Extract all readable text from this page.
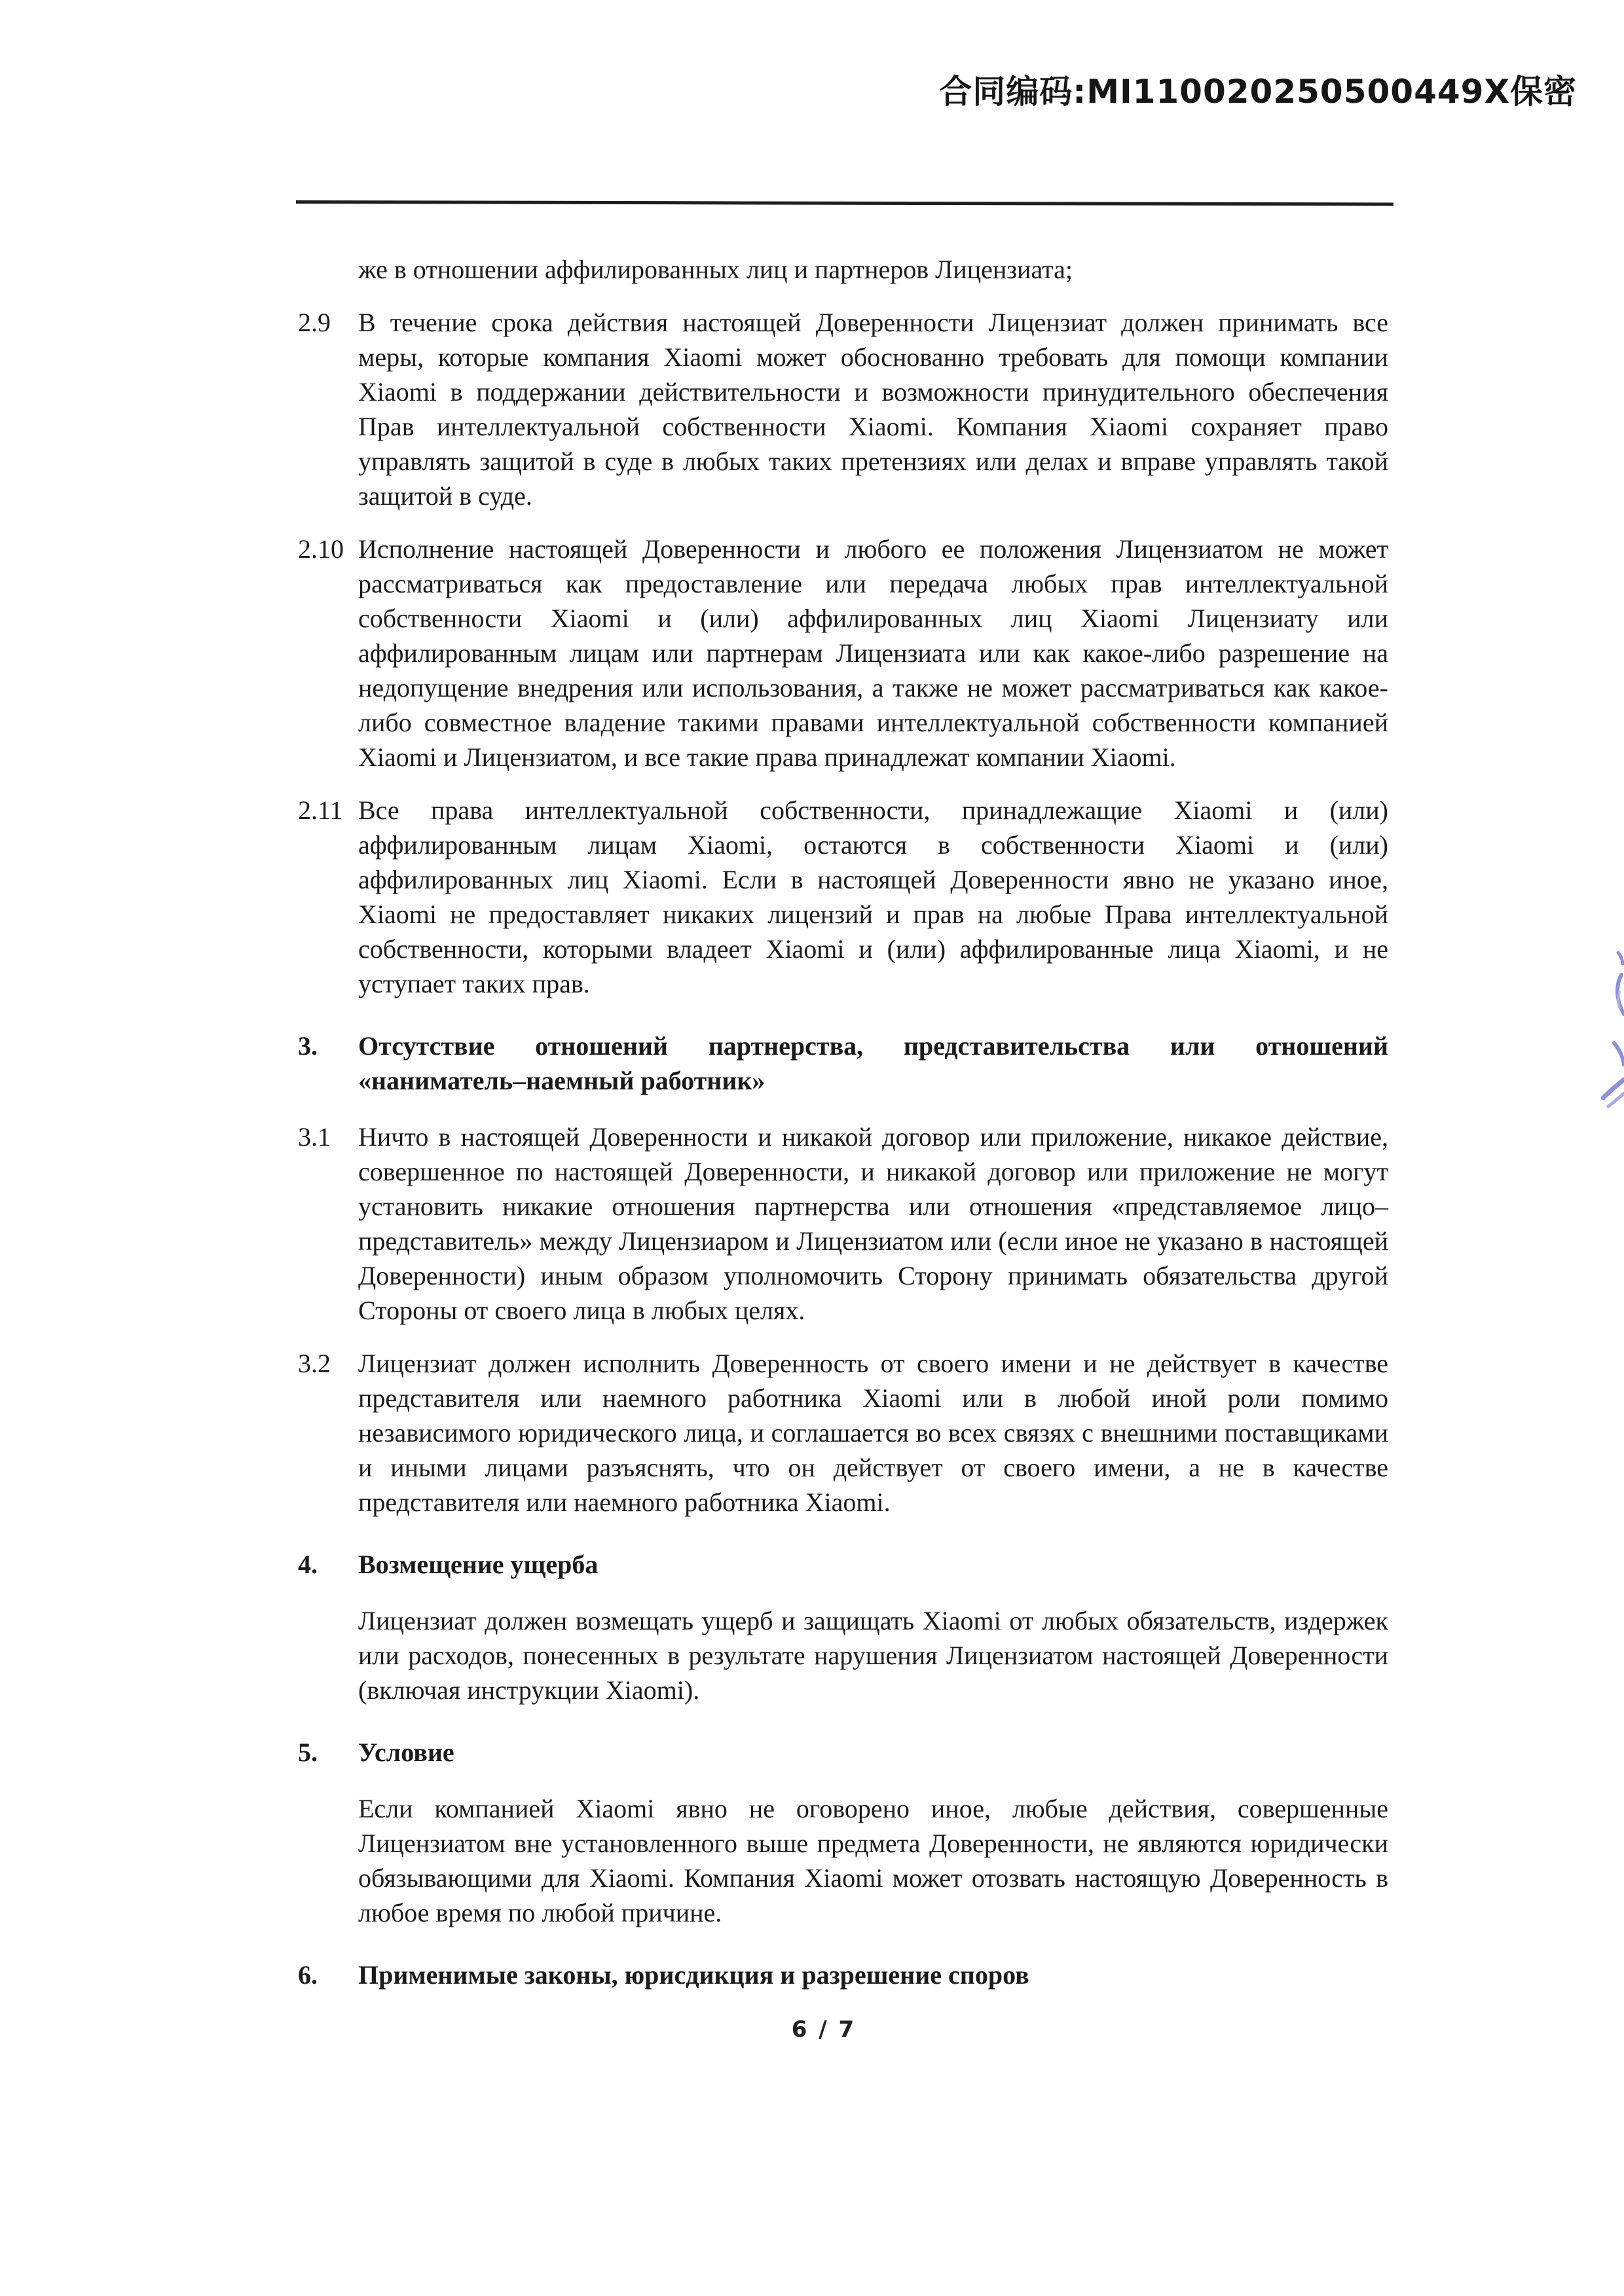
合同编码:MI110020250500449X保密
же в отношении аффилированных лиц и партнеров Лицензиата;
2.9 В течение срока действия настоящей Доверенности Лицензиат должен принимать все меры, которые компания Xiaomi может обоснованно требовать для помощи компании Xiaomi в поддержании действительности и возможности принудительного обеспечения Прав интеллектуальной собственности Xiaomi. Компания Xiaomi сохраняет право управлять защитой в суде в любых таких претензиях или делах и вправе управлять такой защитой в суде.
2.10 Исполнение настоящей Доверенности и любого ее положения Лицензиатом не может рассматриваться как предоставление или передача любых прав интеллектуальной собственности Xiaomi и (или) аффилированных лиц Xiaomi Лицензиату или аффилированным лицам или партнерам Лицензиата или как какое-либо разрешение на недопущение внедрения или использования, а также не может рассматриваться как какое-либо совместное владение такими правами интеллектуальной собственности компанией Xiaomi и Лицензиатом, и все такие права принадлежат компании Xiaomi.
2.11 Все права интеллектуальной собственности, принадлежащие Xiaomi и (или) аффилированным лицам Xiaomi, остаются в собственности Xiaomi и (или) аффилированных лиц Xiaomi. Если в настоящей Доверенности явно не указано иное, Xiaomi не предоставляет никаких лицензий и прав на любые Права интеллектуальной собственности, которыми владеет Xiaomi и (или) аффилированные лица Xiaomi, и не уступает таких прав.
3. Отсутствие отношений партнерства, представительства или отношений «наниматель–наемный работник»
3.1 Ничто в настоящей Доверенности и никакой договор или приложение, никакое действие, совершенное по настоящей Доверенности, и никакой договор или приложение не могут установить никакие отношения партнерства или отношения «представляемое лицо–представитель» между Лицензиаром и Лицензиатом или (если иное не указано в настоящей Доверенности) иным образом уполномочить Сторону принимать обязательства другой Стороны от своего лица в любых целях.
3.2 Лицензиат должен исполнить Доверенность от своего имени и не действует в качестве представителя или наемного работника Xiaomi или в любой иной роли помимо независимого юридического лица, и соглашается во всех связях с внешними поставщиками и иными лицами разъяснять, что он действует от своего имени, а не в качестве представителя или наемного работника Xiaomi.
4. Возмещение ущерба
Лицензиат должен возмещать ущерб и защищать Xiaomi от любых обязательств, издержек или расходов, понесенных в результате нарушения Лицензиатом настоящей Доверенности (включая инструкции Xiaomi).
5. Условие
Если компанией Xiaomi явно не оговорено иное, любые действия, совершенные Лицензиатом вне установленного выше предмета Доверенности, не являются юридически обязывающими для Xiaomi. Компания Xiaomi может отозвать настоящую Доверенность в любое время по любой причине.
6. Применимые законы, юрисдикция и разрешение споров
6 / 7
